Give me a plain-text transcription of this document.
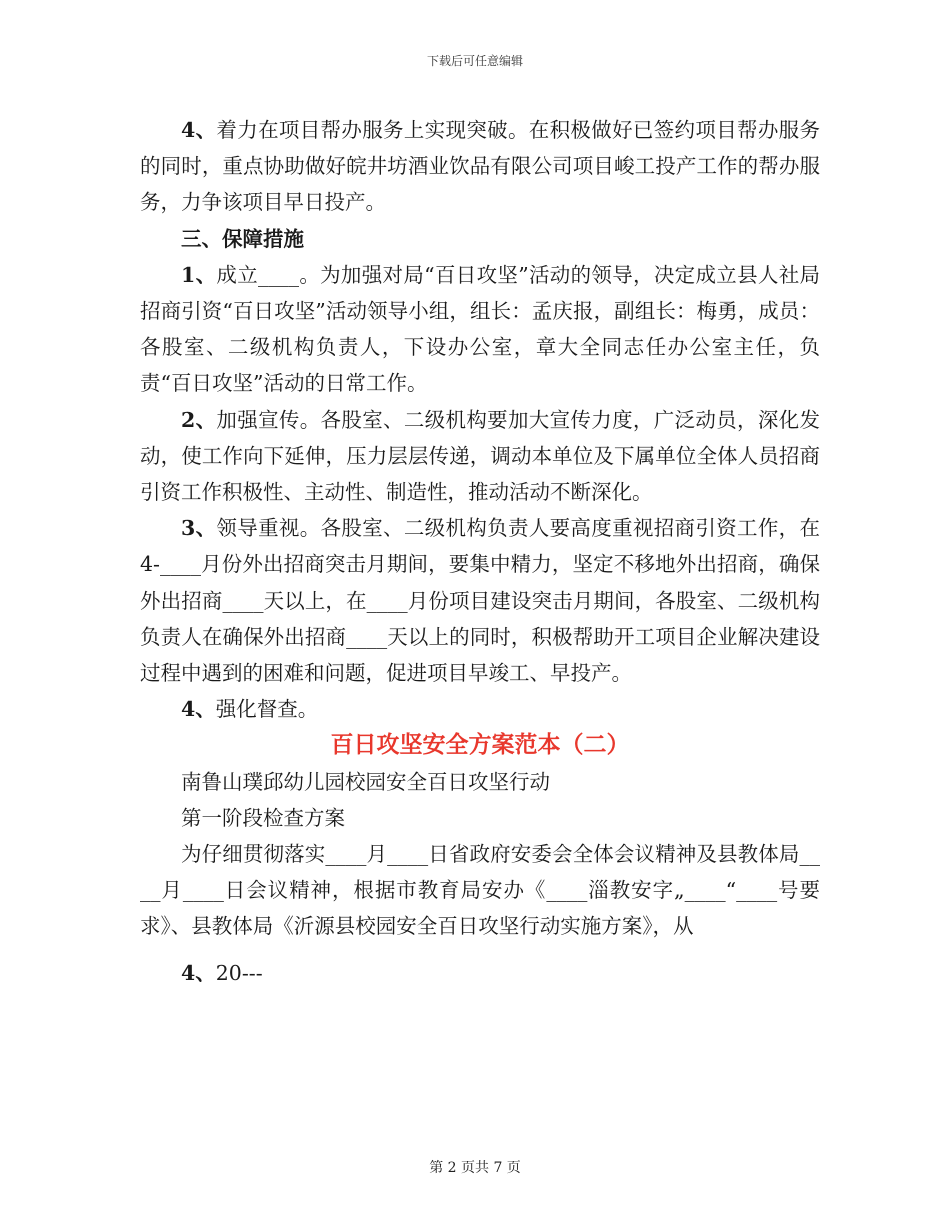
下载后可任意编辑

4、着力在项目帮办服务上实现突破。在积极做好已签约项目帮办服务的同时，重点协助做好皖井坊酒业饮品有限公司项目峻工投产工作的帮办服务，力争该项目早日投产。

三、保障措施

1、成立____。为加强对局“百日攻坚”活动的领导，决定成立县人社局招商引资“百日攻坚”活动领导小组，组长：孟庆报，副组长：梅勇，成员：各股室、二级机构负责人，下设办公室，章大全同志任办公室主任，负责“百日攻坚”活动的日常工作。

2、加强宣传。各股室、二级机构要加大宣传力度，广泛动员，深化发动，使工作向下延伸，压力层层传递，调动本单位及下属单位全体人员招商引资工作积极性、主动性、制造性，推动活动不断深化。

3、领导重视。各股室、二级机构负责人要高度重视招商引资工作，在 4-____月份外出招商突击月期间，要集中精力，坚定不移地外出招商，确保外出招商____天以上，在____月份项目建设突击月期间，各股室、二级机构负责人在确保外出招商____天以上的同时，积极帮助开工项目企业解决建设过程中遇到的困难和问题，促进项目早竣工、早投产。

4、强化督查。

百日攻坚安全方案范本（二）

南鲁山璞邱幼儿园校园安全百日攻坚行动

第一阶段检查方案

为仔细贯彻落实____月____日省政府安委会全体会议精神及县教体局____月____日会议精神，根据市教育局安办《____淄教安字„____“____号要求》、县教体局《沂源县校园安全百日攻坚行动实施方案》，从

4、20---

第 2 页共 7 页
